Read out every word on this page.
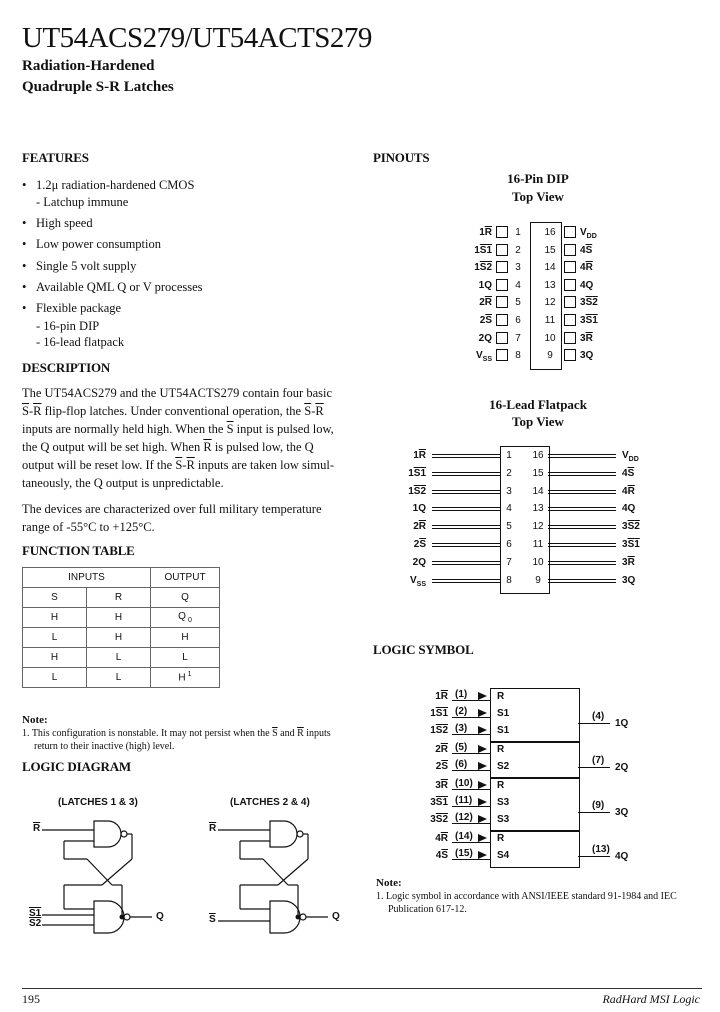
UT54ACS279/UT54ACTS279
Radiation-Hardened
Quadruple S-R Latches
FEATURES
• 1.2μ radiation-hardened CMOS
- Latchup immune
• High speed
• Low power consumption
• Single 5 volt supply
• Available QML Q or V processes
• Flexible package
- 16-pin DIP
- 16-lead flatpack
DESCRIPTION
The UT54ACS279 and the UT54ACTS279 contain four basic
$\overline{S}-\overline{R}$ flip-flop latches. Under conventional operation, the $\overline{S}-\overline{R}$
inputs are normally held high. When the $\overline{S}$ input is pulsed low,
the Q output will be set high. When $\overline{R}$ is pulsed low, the Q
output will be reset low. If the $\overline{S}-\overline{R}$ inputs are taken low simul-
taneously, the Q output is unpredictable.
The devices are characterized over full military temperature
range of -55°C to +125°C.
FUNCTION TABLE
INPUTS		OUTPUT
S	R	Q
H	H	Q $_0$
L	H	H
H	L	L
L	L	H $^1$
Note:
1. This configuration is nonstable. It may not persist when the $\overline{S}$ and $\overline{R}$ inputs
return to their inactive (high) level.
LOGIC DIAGRAM
(LATCHES 1 & 3)	(LATCHES 2 & 4)
$\overline{R}$
S1
S2
Q
$\overline{R}$
$\overline{S}$	Q
PINOUTS
16-Pin DIP
Top View
$1\overline{R}$	1
$1\overline{S}1$	2
$1\overline{S}2$	3
1Q	4
$2\overline{R}$	5
$2\overline{S}$	6
2Q	7
$V_{SS}$	8
16 $V_{DD}$
15 $4\overline{S}$
14 $4\overline{R}$
13 4Q
12 $3\overline{S}2$
11 $3\overline{S}1$
10 $3\overline{R}$
9	3Q
16-Lead Flatpack
Top View
$1\overline{R}$	1
$1\overline{S}1$	2
$1\overline{S}2$	3
1Q	4
$2\overline{R}$	5
$2\overline{S}$	6
2Q	7
$V_{SS}$	8
16	$V_{DD}$
15	$4\overline{S}$
14	$4\overline{R}$
13	4Q
12	$3\overline{S}2$
11	$3\overline{S}1$
10	$3\overline{R}$
9	3Q
LOGIC SYMBOL
$1\overline{R}$ (1)	R
$1\overline{S}1$ (2)	S1
$1\overline{S}2$ (3)	S1
(4)
1Q
$2\overline{R}$ (5)	R
$2\overline{S}$ (6)	S2
(7)
2Q
$3\overline{R}$ (10) R
$3\overline{S}1$ (11) S3
$3\overline{S}2$ (12) S3
(9)
3Q
$4\overline{R}$ (14) R
$4\overline{S}$ (15) S4
(13)
4Q
Note:
1. Logic symbol in accordance with ANSI/IEEE standard 91-1984 and IEC
Publication 617-12.
195	RadHard MSI Logic
